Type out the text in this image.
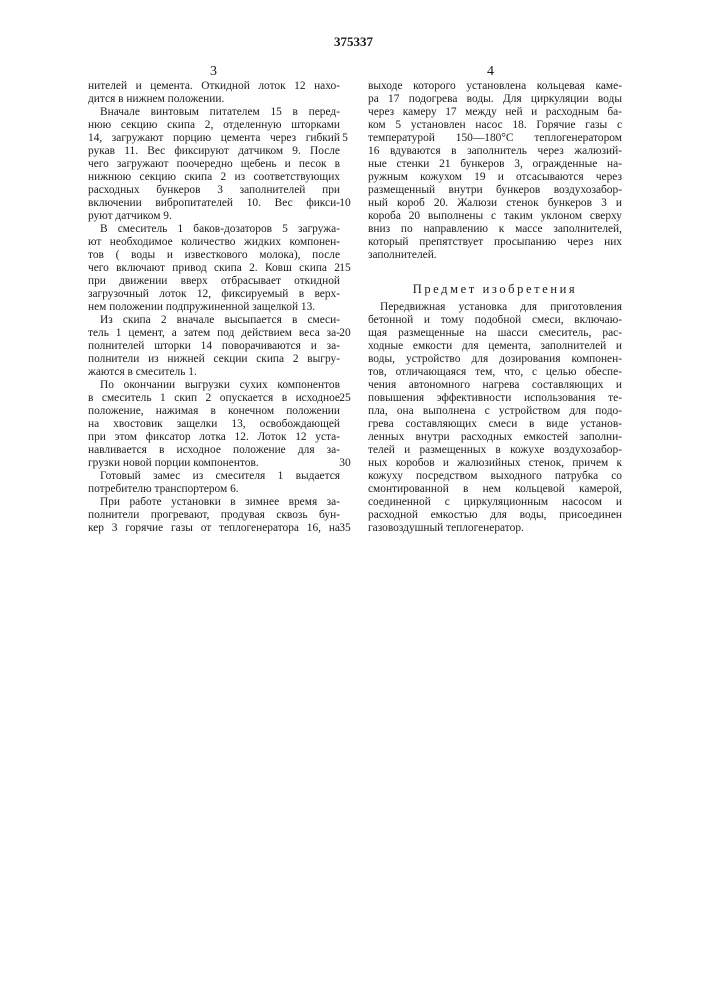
375337
3	4
нителей и цемента. Откидной лоток 12 нахо-
дится в нижнем положении.
Вначале винтовым питателем 15 в перед-
нюю секцию скипа 2, отделенную шторками
14, загружают порцию цемента через гибкий
рукав 11. Вес фиксируют датчиком 9. После
чего загружают поочередно щебень и песок в
нижнюю секцию скипа 2 из соответствующих
расходных бункеров 3 заполнителей при
включении вибропитателей 10. Вес фикси-
руют датчиком 9.
В смеситель 1 баков-дозаторов 5 загружа-
ют необходимое количество жидких компонен-
тов ( воды и известкового молока), после
чего включают привод скипа 2. Ковш скипа 2
при движении вверх отбрасывает откидной
загрузочный лоток 12, фиксируемый в верх-
нем положении подпружиненной защелкой 13.
Из скипа 2 вначале высыпается в смеси-
тель 1 цемент, а затем под действием веса за-
полнителей шторки 14 поворачиваются и за-
полнители из нижней секции скипа 2 выгру-
жаются в смеситель 1.
По окончании выгрузки сухих компонентов
в смеситель 1 скип 2 опускается в исходное
положение, нажимая в конечном положении
на хвостовик защелки 13, освобождающей
при этом фиксатор лотка 12. Лоток 12 уста-
навливается в исходное положение для за-
грузки новой порции компонентов.
Готовый замес из смесителя 1 выдается
потребителю транспортером 6.
При работе установки в зимнее время за-
полнители прогревают, продувая сквозь бун-
кер 3 горячие газы от теплогенератора 16, на
выходе которого установлена кольцевая каме-
ра 17 подогрева воды. Для циркуляции воды
через камеру 17 между ней и расходным ба-
ком 5 установлен насос 18. Горячие газы с
температурой 150—180°С теплогенератором
16 вдуваются в заполнитель через жалюзий-
ные стенки 21 бункеров 3, огражденные на-
ружным кожухом 19 и отсасываются через
размещенный внутри бункеров воздухозабор-
ный короб 20. Жалюзи стенок бункеров 3 и
короба 20 выполнены с таким уклоном сверху
вниз по направлению к массе заполнителей,
который препятствует просыпанию через них
заполнителей.
Предмет изобретения
Передвижная установка для приготовления
бетонной и тому подобной смеси, включаю-
щая размещенные на шасси смеситель, рас-
ходные емкости для цемента, заполнителей и
воды, устройство для дозирования компонен-
тов, отличающаяся тем, что, с целью обеспе-
чения автономного нагрева составляющих и
повышения эффективности использования те-
пла, она выполнена с устройством для подо-
грева составляющих смеси в виде установ-
ленных внутри расходных емкостей заполни-
телей и размещенных в кожухе воздухозабор-
ных коробов и жалюзийных стенок, причем к
кожуху посредством выходного патрубка со
смонтированной в нем кольцевой камерой,
соединенной с циркуляционным насосом и
расходной емкостью для воды, присоединен
газовоздушный теплогенератор.
5
10
15
20
25
30
35
